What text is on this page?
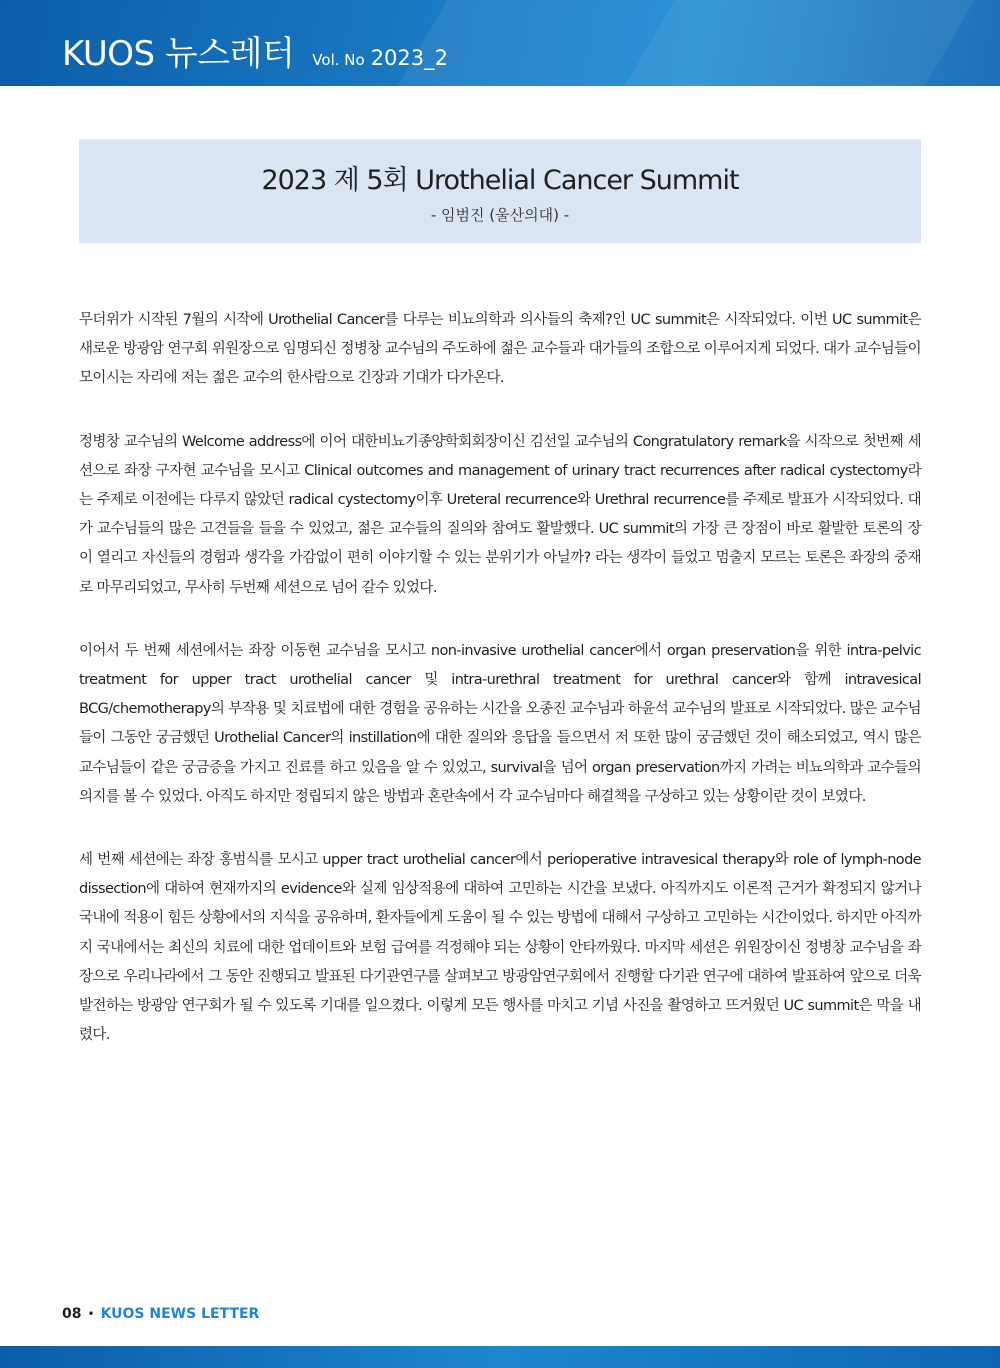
KUOS 뉴스레터 Vol. No 2023_2
2023 제 5회 Urothelial Cancer Summit
- 임범진 (울산의대) -

무더위가 시작된 7월의 시작에 Urothelial Cancer를 다루는 비뇨의학과 의사들의 축제?인 UC summit은 시작되었다. 이번 UC summit은 새로운 방광암 연구회 위원장으로 임명되신 정병창 교수님의 주도하에 젊은 교수들과 대가들의 조합으로 이루어지게 되었다. 대가 교수님들이 모이시는 자리에 저는 젊은 교수의 한사람으로 긴장과 기대가 다가온다.

정병창 교수님의 Welcome address에 이어 대한비뇨기종양학회회장이신 김선일 교수님의 Congratulatory remark을 시작으로 첫번째 세션으로 좌장 구자현 교수님을 모시고 Clinical outcomes and management of urinary tract recurrences after radical cystectomy라는 주제로 이전에는 다루지 않았던 radical cystectomy이후 Ureteral recurrence와 Urethral recurrence를 주제로 발표가 시작되었다. 대가 교수님들의 많은 고견들을 들을 수 있었고, 젊은 교수들의 질의와 참여도 활발했다. UC summit의 가장 큰 장점이 바로 활발한 토론의 장이 열리고 자신들의 경험과 생각을 가감없이 편히 이야기할 수 있는 분위기가 아닐까? 라는 생각이 들었고 멈출지 모르는 토론은 좌장의 중재로 마무리되었고, 무사히 두번째 세션으로 넘어 갈수 있었다.

이어서 두 번째 세션에서는 좌장 이동현 교수님을 모시고 non-invasive urothelial cancer에서 organ preservation을 위한 intra-pelvic treatment for upper tract urothelial cancer 및 intra-urethral treatment for urethral cancer와 함께 intravesical BCG/chemotherapy의 부작용 및 치료법에 대한 경험을 공유하는 시간을 오종진 교수님과 하윤석 교수님의 발표로 시작되었다. 많은 교수님들이 그동안 궁금했던 Urothelial Cancer의 instillation에 대한 질의와 응답을 들으면서 저 또한 많이 궁금했던 것이 해소되었고, 역시 많은 교수님들이 같은 궁금증을 가지고 진료를 하고 있음을 알 수 있었고, survival을 넘어 organ preservation까지 가려는 비뇨의학과 교수들의 의지를 볼 수 있었다. 아직도 하지만 정립되지 않은 방법과 혼란속에서 각 교수님마다 해결책을 구상하고 있는 상황이란 것이 보였다.

세 번째 세션에는 좌장 홍범식를 모시고 upper tract urothelial cancer에서 perioperative intravesical therapy와 role of lymph-node dissection에 대하여 현재까지의 evidence와 실제 임상적용에 대하여 고민하는 시간을 보냈다. 아직까지도 이론적 근거가 확정되지 않거나 국내에 적용이 힘든 상황에서의 지식을 공유하며, 환자들에게 도움이 될 수 있는 방법에 대해서 구상하고 고민하는 시간이었다. 하지만 아직까지 국내에서는 최신의 치료에 대한 업데이트와 보험 급여를 걱정해야 되는 상황이 안타까웠다. 마지막 세션은 위원장이신 정병창 교수님을 좌장으로 우리나라에서 그 동안 진행되고 발표된 다기관연구를 살펴보고 방광암연구회에서 진행할 다기관 연구에 대하여 발표하여 앞으로 더욱 발전하는 방광암 연구회가 될 수 있도록 기대를 일으켰다. 이렇게 모든 행사를 마치고 기념 사진을 촬영하고 뜨거웠던 UC summit은 막을 내렸다.

08 • KUOS NEWS LETTER
